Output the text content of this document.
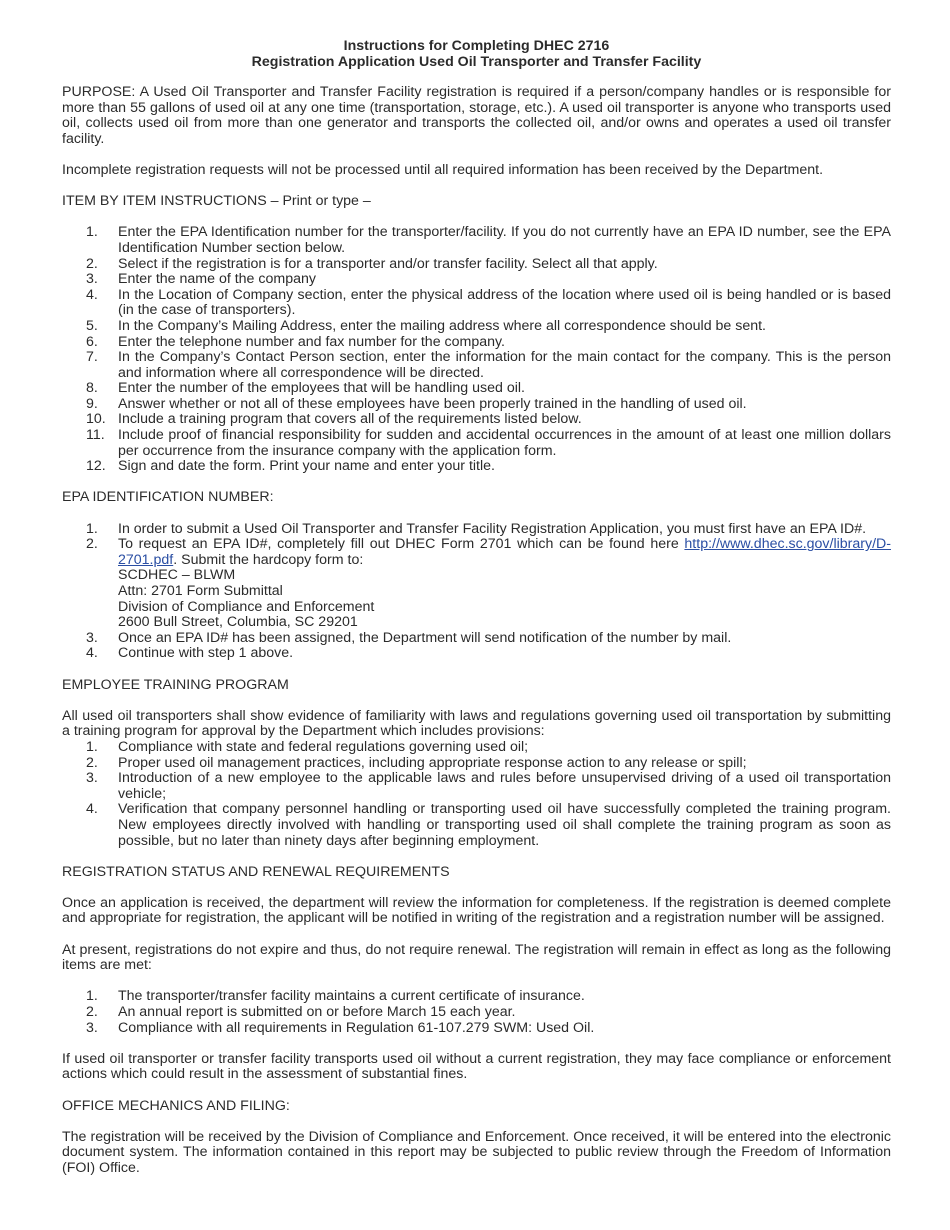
Instructions for Completing DHEC 2716
Registration Application Used Oil Transporter and Transfer Facility

PURPOSE: A Used Oil Transporter and Transfer Facility registration is required if a person/company handles or is responsible for more than 55 gallons of used oil at any one time (transportation, storage, etc.). A used oil transporter is anyone who transports used oil, collects used oil from more than one generator and transports the collected oil, and/or owns and operates a used oil transfer facility.

Incomplete registration requests will not be processed until all required information has been received by the Department.

ITEM BY ITEM INSTRUCTIONS – Print or type –
1.	Enter the EPA Identification number for the transporter/facility. If you do not currently have an EPA ID number, see the EPA Identification Number section below.
2.	Select if the registration is for a transporter and/or transfer facility. Select all that apply.
3.	Enter the name of the company
4.	In the Location of Company section, enter the physical address of the location where used oil is being handled or is based (in the case of transporters).
5.	In the Company’s Mailing Address, enter the mailing address where all correspondence should be sent.
6.	Enter the telephone number and fax number for the company.
7.	In the Company’s Contact Person section, enter the information for the main contact for the company. This is the person and information where all correspondence will be directed.
8.	Enter the number of the employees that will be handling used oil.
9.	Answer whether or not all of these employees have been properly trained in the handling of used oil.
10. Include a training program that covers all of the requirements listed below.
11. Include proof of financial responsibility for sudden and accidental occurrences in the amount of at least one million dollars per occurrence from the insurance company with the application form.
12. Sign and date the form. Print your name and enter your title.
EPA IDENTIFICATION NUMBER:
1.	In order to submit a Used Oil Transporter and Transfer Facility Registration Application, you must first have an EPA ID#.
2.	To request an EPA ID#, completely fill out DHEC Form 2701 which can be found here http://www.dhec.sc.gov/library/D-2701.pdf. Submit the hardcopy form to:
SCDHEC – BLWM
Attn: 2701 Form Submittal
Division of Compliance and Enforcement
2600 Bull Street, Columbia, SC 29201
3.	Once an EPA ID# has been assigned, the Department will send notification of the number by mail.
4.	Continue with step 1 above.
EMPLOYEE TRAINING PROGRAM

All used oil transporters shall show evidence of familiarity with laws and regulations governing used oil transportation by submitting a training program for approval by the Department which includes provisions:

1.	Compliance with state and federal regulations governing used oil;
2.	Proper used oil management practices, including appropriate response action to any release or spill;
3.	Introduction of a new employee to the applicable laws and rules before unsupervised driving of a used oil transportation vehicle;
4.	Verification that company personnel handling or transporting used oil have successfully completed the training program. New employees directly involved with handling or transporting used oil shall complete the training program as soon as possible, but no later than ninety days after beginning employment.
REGISTRATION STATUS AND RENEWAL REQUIREMENTS

Once an application is received, the department will review the information for completeness. If the registration is deemed complete and appropriate for registration, the applicant will be notified in writing of the registration and a registration number will be assigned.

At present, registrations do not expire and thus, do not require renewal. The registration will remain in effect as long as the following items are met:

1.	The transporter/transfer facility maintains a current certificate of insurance.
2.	An annual report is submitted on or before March 15 each year.
3.	Compliance with all requirements in Regulation 61-107.279 SWM: Used Oil.

If used oil transporter or transfer facility transports used oil without a current registration, they may face compliance or enforcement actions which could result in the assessment of substantial fines.

OFFICE MECHANICS AND FILING:

The registration will be received by the Division of Compliance and Enforcement. Once received, it will be entered into the electronic document system. The information contained in this report may be subjected to public review through the Freedom of Information (FOI) Office.
